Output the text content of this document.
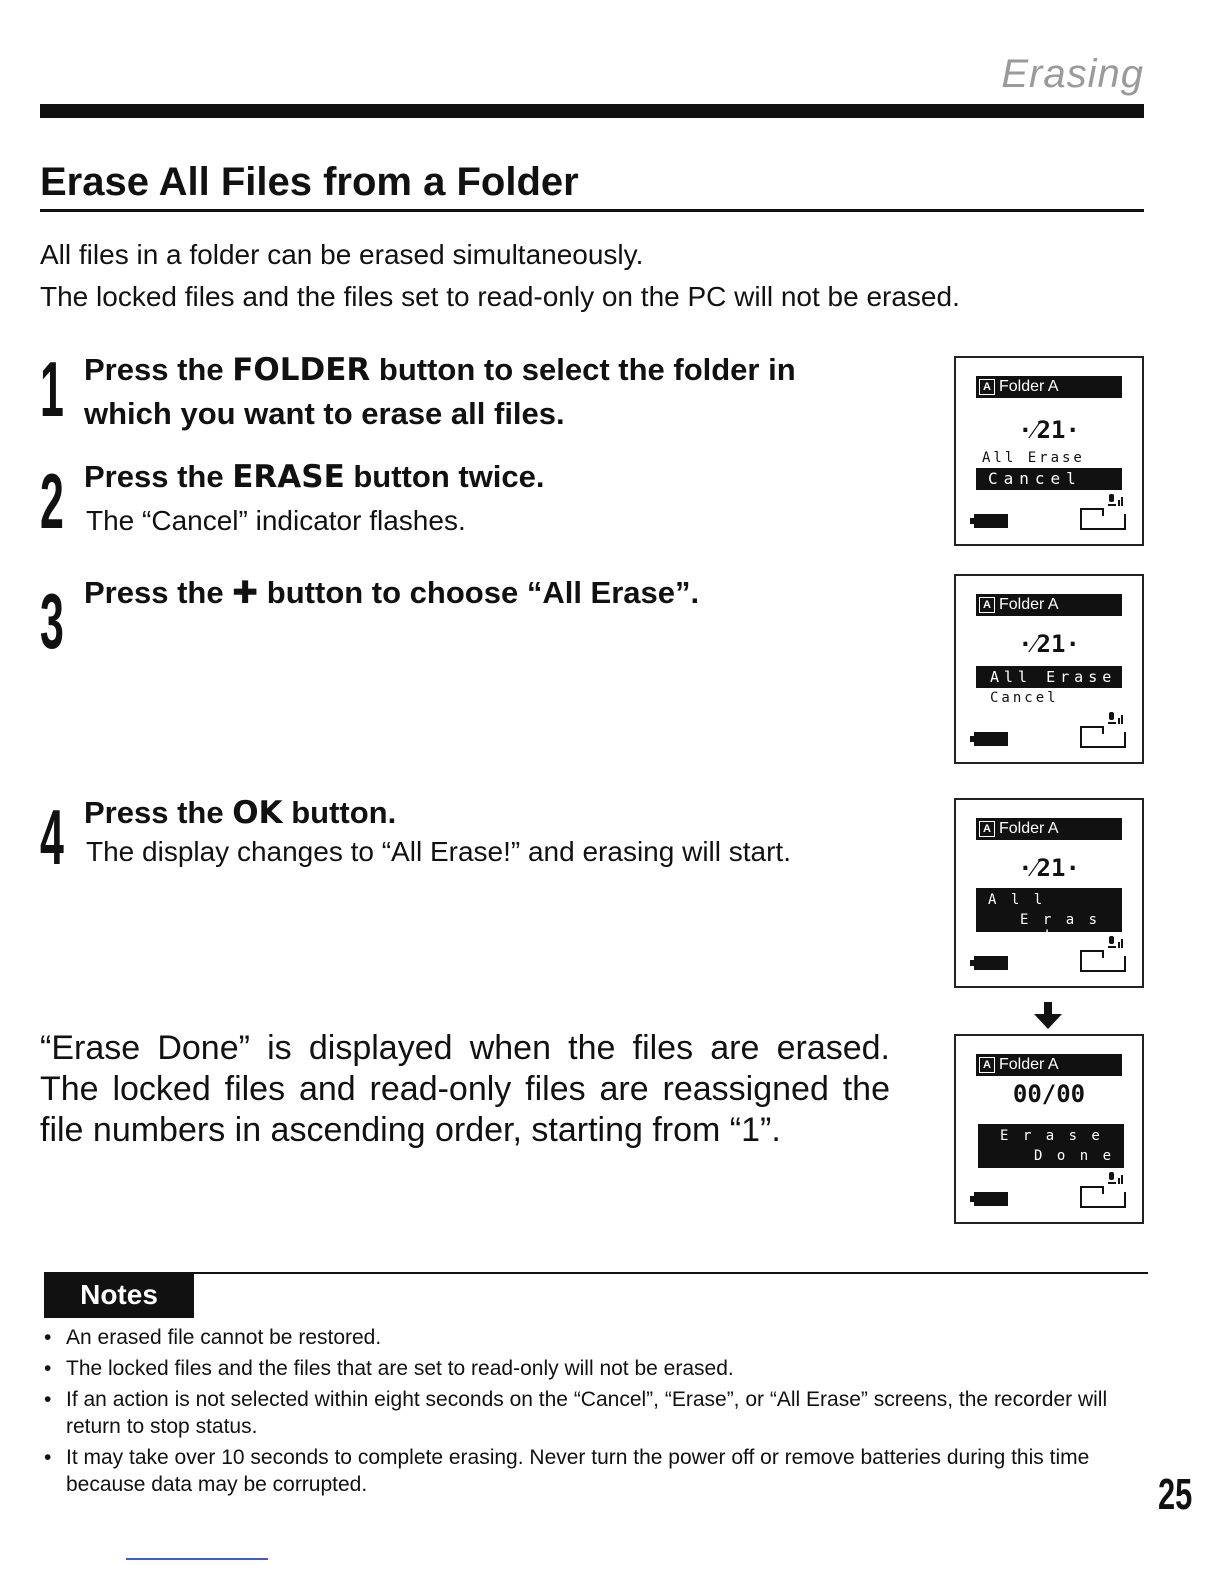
Erasing
Erase All Files from a Folder
All files in a folder can be erased simultaneously.
The locked files and the files set to read-only on the PC will not be erased.
1 Press the FOLDER button to select the folder in
which you want to erase all files.
2 Press the ERASE button twice.
The “Cancel” indicator flashes.
3 Press the ✚ button to choose “All Erase”.
4 Press the OK button.
The display changes to “All Erase!” and erasing will start.
“Erase Done” is displayed when the files are erased. The locked files and read-only files are reassigned the file numbers in ascending order, starting from “1”.
A Folder A
·⁄21·
All Erase
Cancel
A Folder A
·⁄21·
All Erase
Cancel
A Folder A
·⁄21·
A l l
E r a s e !
A Folder A
00/00
E r a s e
D o n e
Notes
• An erased file cannot be restored.
• The locked files and the files that are set to read-only will not be erased.
• If an action is not selected within eight seconds on the “Cancel”, “Erase”, or “All Erase” screens, the recorder will return to stop status.
• It may take over 10 seconds to complete erasing. Never turn the power off or remove batteries during this time because data may be corrupted.	25
